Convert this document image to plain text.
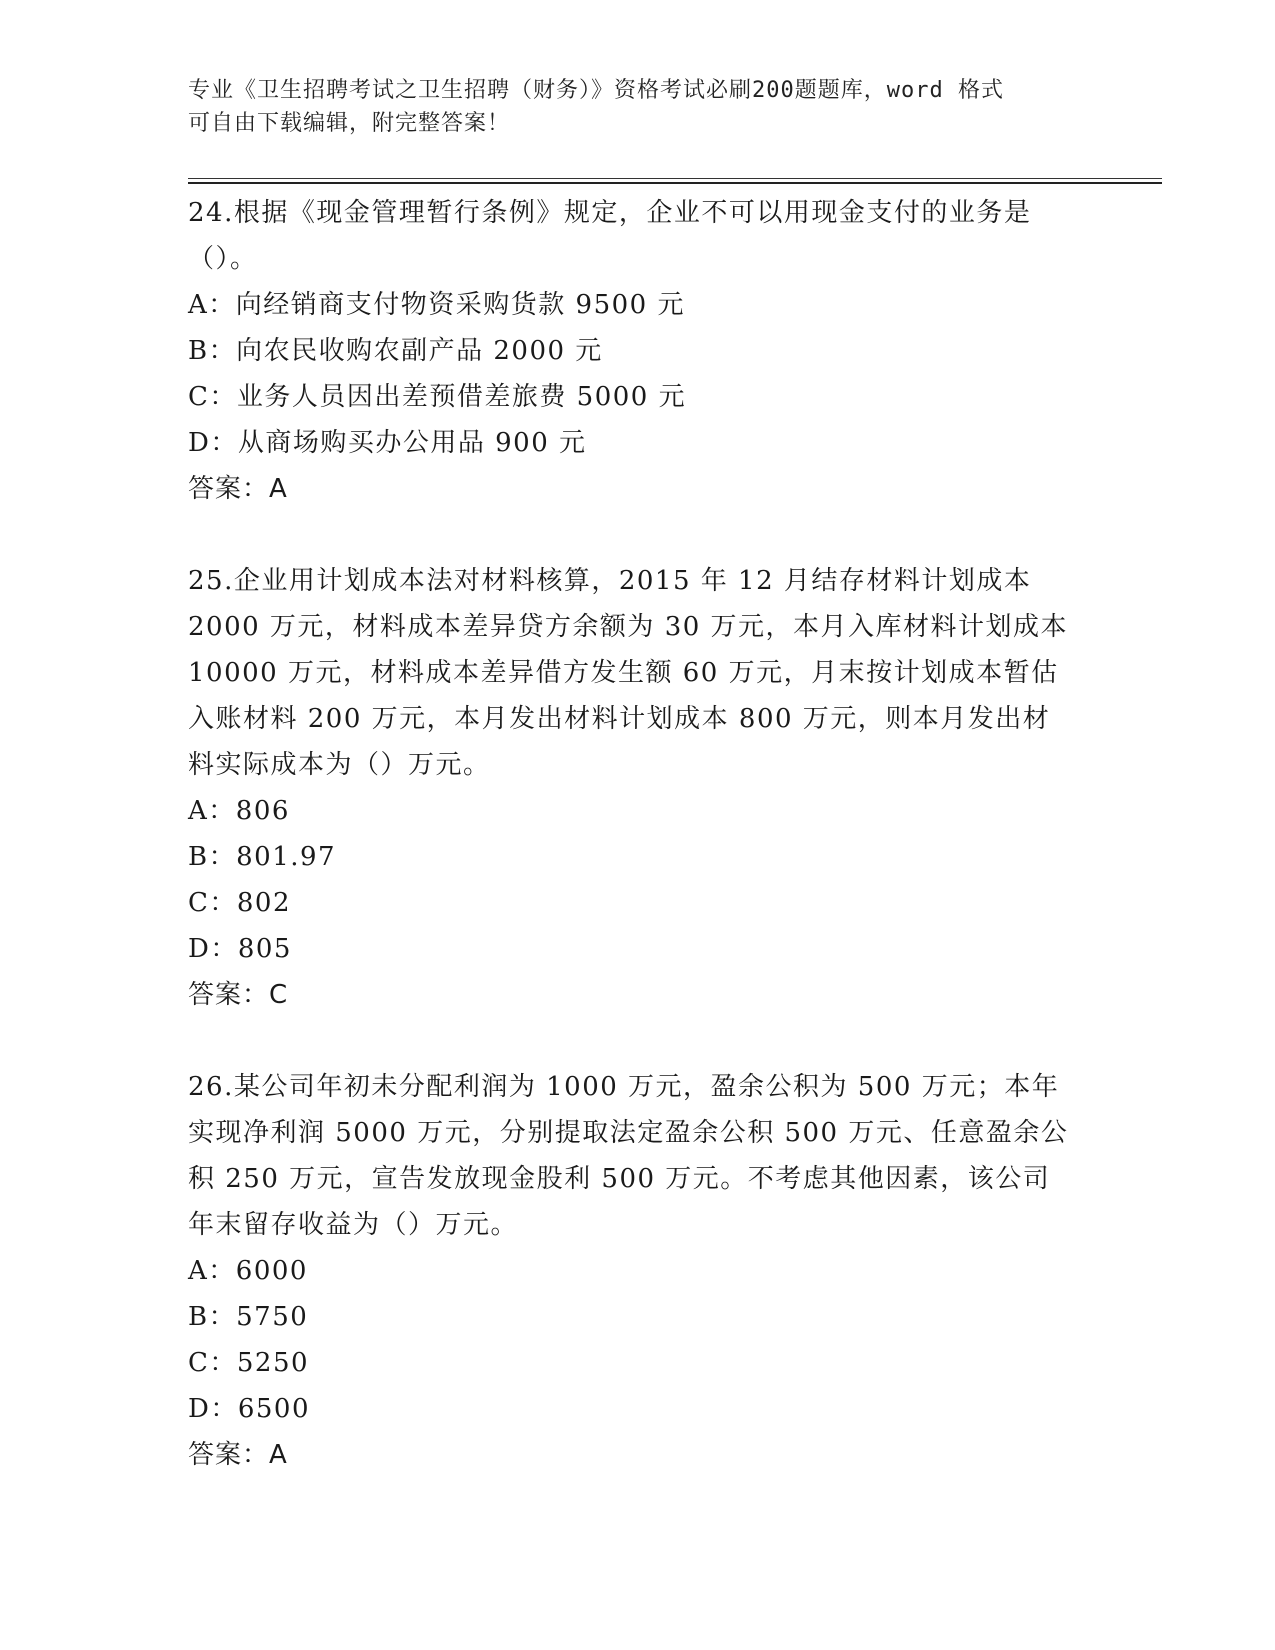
专业《卫生招聘考试之卫生招聘（财务）》资格考试必刷200题题库，word 格式
可自由下载编辑，附完整答案！

24.根据《现金管理暂行条例》规定，企业不可以用现金支付的业务是

（）。

A：向经销商支付物资采购货款 9500 元

B：向农民收购农副产品 2000 元

C：业务人员因出差预借差旅费 5000 元

D：从商场购买办公用品 900 元

答案：A

25.企业用计划成本法对材料核算，2015 年 12 月结存材料计划成本

2000 万元，材料成本差异贷方余额为 30 万元，本月入库材料计划成本

10000 万元，材料成本差异借方发生额 60 万元，月末按计划成本暂估

入账材料 200 万元，本月发出材料计划成本 800 万元，则本月发出材

料实际成本为（）万元。

A：806

B：801.97

C：802

D：805

答案：C

26.某公司年初未分配利润为 1000 万元，盈余公积为 500 万元；本年

实现净利润 5000 万元，分别提取法定盈余公积 500 万元、任意盈余公

积 250 万元，宣告发放现金股利 500 万元。不考虑其他因素，该公司

年末留存收益为（）万元。

A：6000

B：5750

C：5250

D：6500

答案：A
